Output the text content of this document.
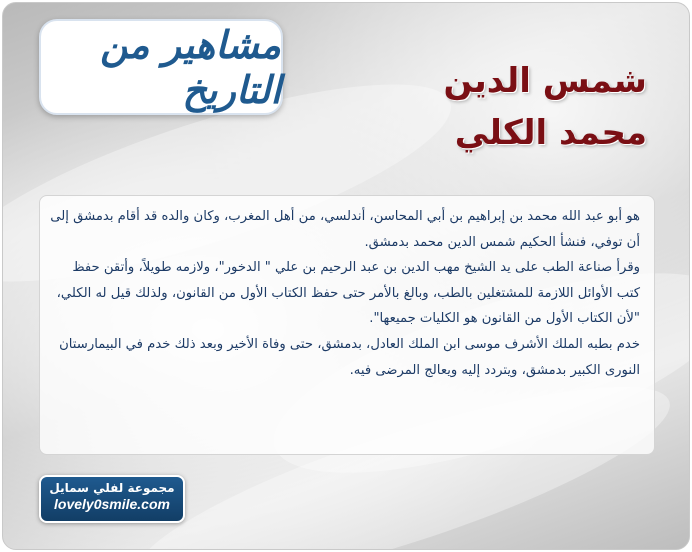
مشاهير من التاريخ	شمس الدين
محمد الكلي

هو أبو عبد الله محمد بن إبراهيم بن أبي المحاسن، أندلسي، من أهل المغرب، وكان والده قد أقام بدمشق إلى أن توفي، فنشأ الحكيم شمس الدين محمد بدمشق.

وقرأ صناعة الطب على يد الشيخ مهب الدين بن عبد الرحيم بن علي " الدخور"، ولازمه طويلاً، وأتقن حفظ كتب الأوائل اللازمة للمشتغلين بالطب، وبالغ بالأمر حتى حفظ الكتاب الأول من القانون، ولذلك قيل له الكلي، "لأن الكتاب الأول من القانون هو الكليات جميعها".

خدم بطبه الملك الأشرف موسى ابن الملك العادل، بدمشق، حتى وفاة الأخير وبعد ذلك خدم في البيمارستان النورى الكبير بدمشق، ويتردد إليه ويعالج المرضى فيه.

مجموعة لفلي سمايل
lovely0smile.com
